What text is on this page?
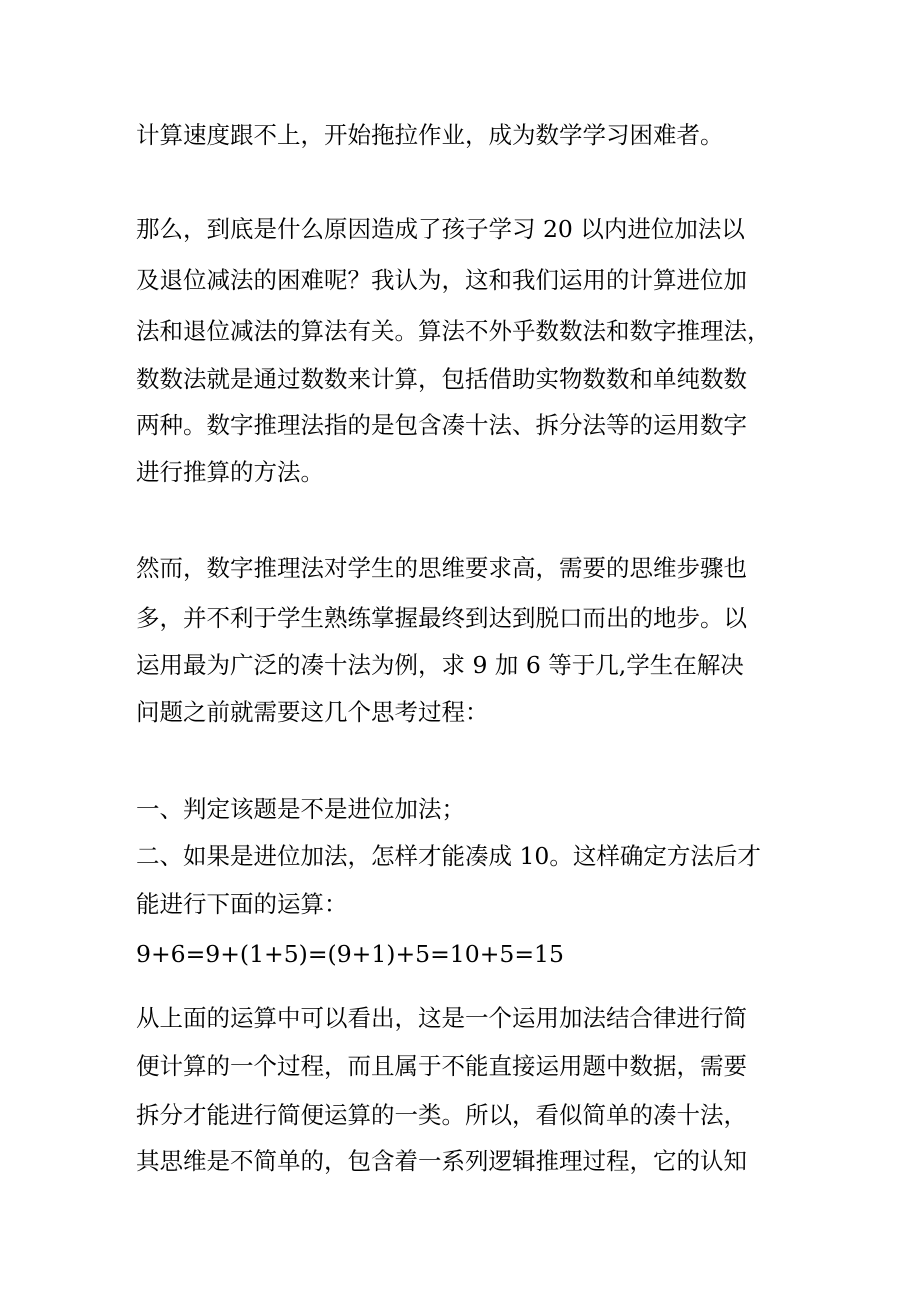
计算速度跟不上，开始拖拉作业，成为数学学习困难者。
那么，到底是什么原因造成了孩子学习 20 以内进位加法以
及退位减法的困难呢？我认为，这和我们运用的计算进位加
法和退位减法的算法有关。算法不外乎数数法和数字推理法，
数数法就是通过数数来计算，包括借助实物数数和单纯数数
两种。数字推理法指的是包含凑十法、拆分法等的运用数字
进行推算的方法。
然而，数字推理法对学生的思维要求高，需要的思维步骤也
多，并不利于学生熟练掌握最终到达到脱口而出的地步。以
运用最为广泛的凑十法为例，求 9 加 6 等于几,学生在解决
问题之前就需要这几个思考过程：
一、判定该题是不是进位加法；
二、如果是进位加法，怎样才能凑成 10。这样确定方法后才
能进行下面的运算：
9+6=9+(1+5)=(9+1)+5=10+5=15
从上面的运算中可以看出，这是一个运用加法结合律进行简
便计算的一个过程，而且属于不能直接运用题中数据，需要
拆分才能进行简便运算的一类。所以，看似简单的凑十法，
其思维是不简单的，包含着一系列逻辑推理过程，它的认知
